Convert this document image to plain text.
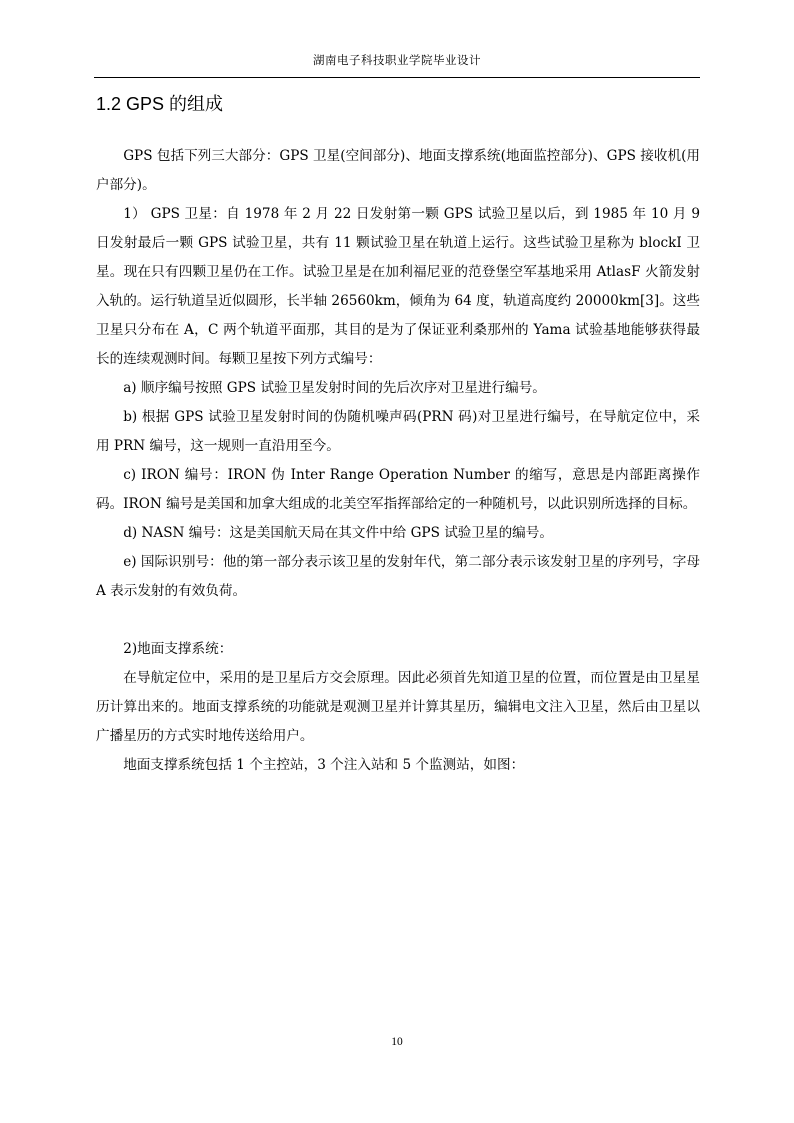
湖南电子科技职业学院毕业设计
1.2 GPS 的组成

GPS 包括下列三大部分：GPS 卫星(空间部分)、地面支撑系统(地面监控部分)、GPS 接收机(用户部分)。

1） GPS 卫星：自 1978 年 2 月 22 日发射第一颗 GPS 试验卫星以后，到 1985 年 10 月 9 日发射最后一颗 GPS 试验卫星，共有 11 颗试验卫星在轨道上运行。这些试验卫星称为 blockI 卫星。现在只有四颗卫星仍在工作。试验卫星是在加利福尼亚的范登堡空军基地采用 AtlasF 火箭发射入轨的。运行轨道呈近似圆形，长半轴 26560km，倾角为 64 度，轨道高度约 20000km[3]。这些卫星只分布在 A，C 两个轨道平面那，其目的是为了保证亚利桑那州的 Yama 试验基地能够获得最长的连续观测时间。每颗卫星按下列方式编号：

a) 顺序编号按照 GPS 试验卫星发射时间的先后次序对卫星进行编号。

b) 根据 GPS 试验卫星发射时间的伪随机噪声码(PRN 码)对卫星进行编号，在导航定位中，采用 PRN 编号，这一规则一直沿用至今。

c) IRON 编号：IRON 伪 Inter Range Operation Number 的缩写，意思是内部距离操作码。IRON 编号是美国和加拿大组成的北美空军指挥部给定的一种随机号，以此识别所选择的目标。

d) NASN 编号：这是美国航天局在其文件中给 GPS 试验卫星的编号。

e) 国际识别号：他的第一部分表示该卫星的发射年代，第二部分表示该发射卫星的序列号，字母 A 表示发射的有效负荷。

2)地面支撑系统：

在导航定位中，采用的是卫星后方交会原理。因此必须首先知道卫星的位置，而位置是由卫星星历计算出来的。地面支撑系统的功能就是观测卫星并计算其星历，编辑电文注入卫星，然后由卫星以广播星历的方式实时地传送给用户。

地面支撑系统包括 1 个主控站，3 个注入站和 5 个监测站，如图：

10
